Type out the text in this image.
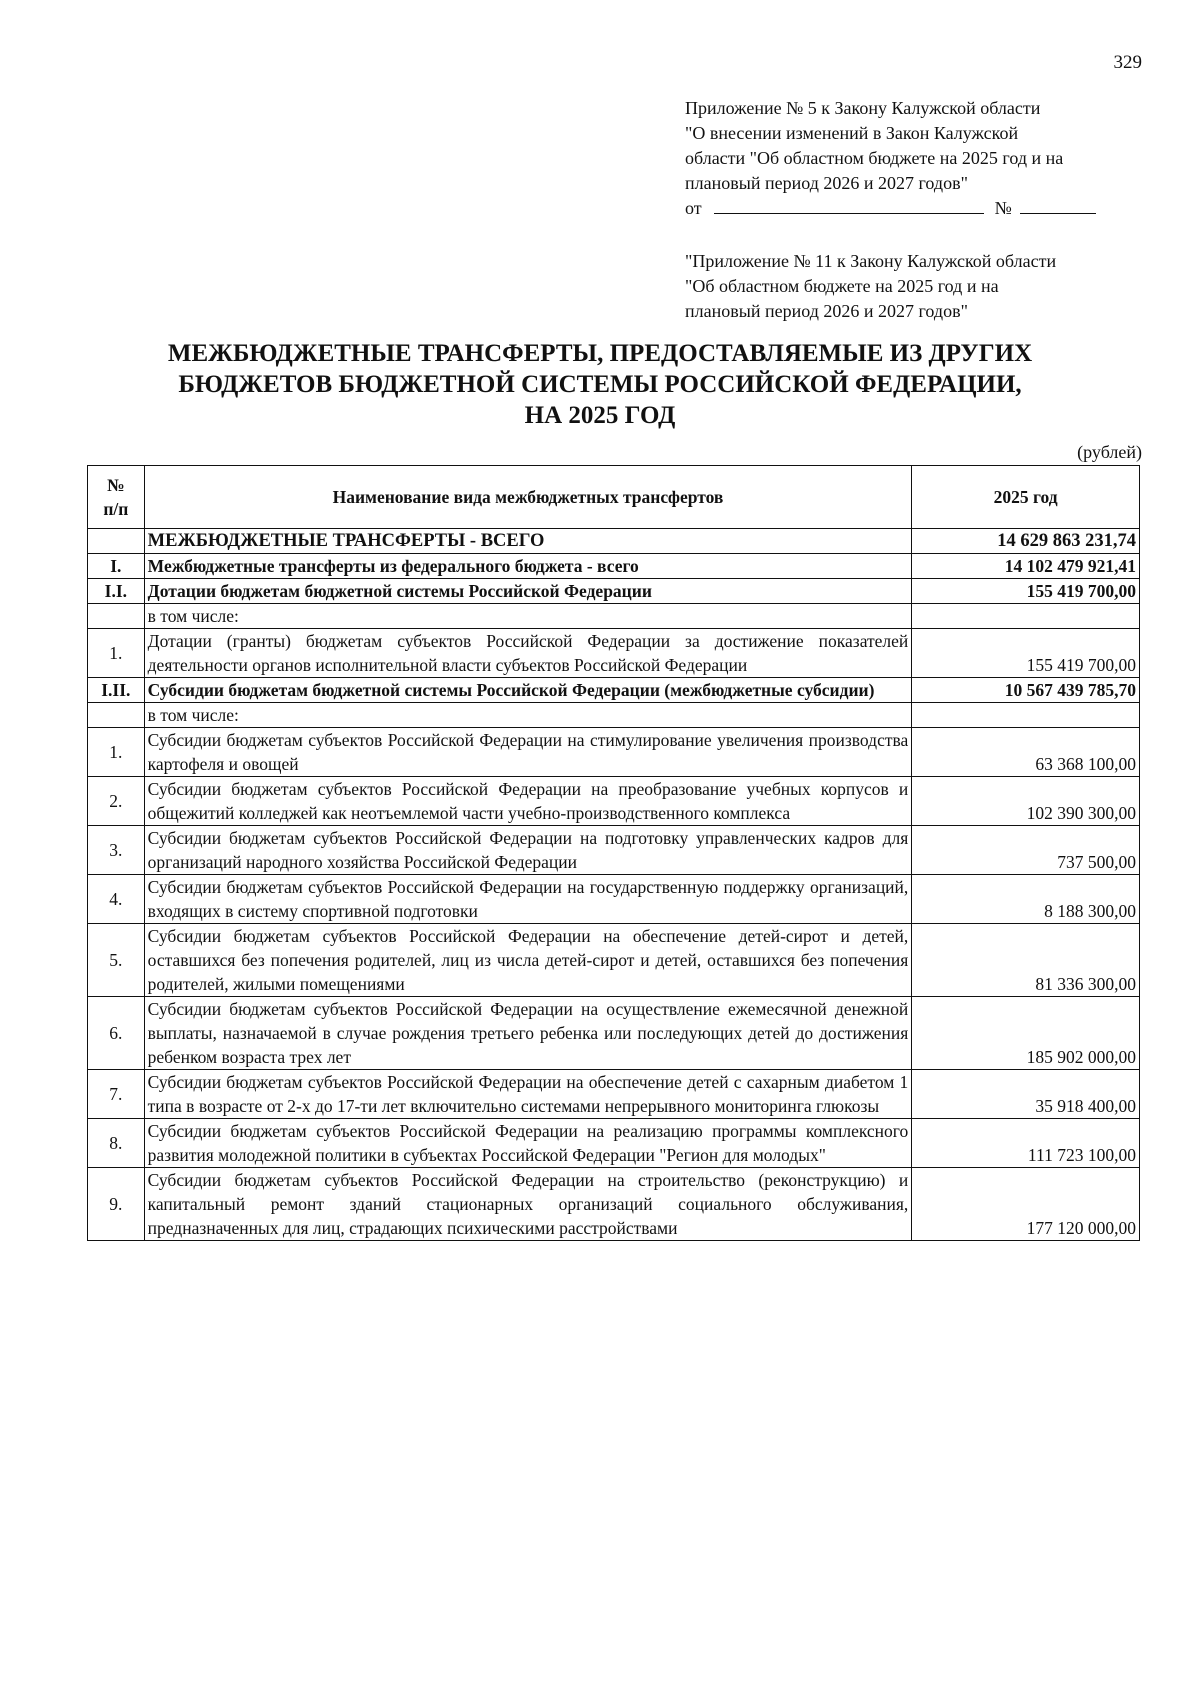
329
Приложение № 5 к Закону Калужской области
"О внесении изменений в Закон Калужской
области "Об областном бюджете на 2025 год и на
плановый период 2026 и 2027 годов"
от	№
"Приложение № 11 к Закону Калужской области
"Об областном бюджете на 2025 год и на
плановый период 2026 и 2027 годов"
МЕЖБЮДЖЕТНЫЕ ТРАНСФЕРТЫ, ПРЕДОСТАВЛЯЕМЫЕ ИЗ ДРУГИХ
БЮДЖЕТОВ БЮДЖЕТНОЙ СИСТЕМЫ РОССИЙСКОЙ ФЕДЕРАЦИИ,
НА 2025 ГОД
(рублей)
№
п/п	Наименование вида межбюджетных трансфертов	2025 год
	МЕЖБЮДЖЕТНЫЕ ТРАНСФЕРТЫ - ВСЕГО	14 629 863 231,74
I.	Межбюджетные трансферты из федерального бюджета - всего	14 102 479 921,41
I.I.	Дотации бюджетам бюджетной системы Российской Федерации	155 419 700,00
	в том числе:	
1.	Дотации (гранты) бюджетам субъектов Российской Федерации за достижение показателей деятельности органов исполнительной власти субъектов Российской Федерации	155 419 700,00
I.II.	Субсидии бюджетам бюджетной системы Российской Федерации (межбюджетные субсидии)	10 567 439 785,70
	в том числе:	
1.	Субсидии бюджетам субъектов Российской Федерации на стимулирование увеличения производства картофеля и овощей	63 368 100,00
2.	Субсидии бюджетам субъектов Российской Федерации на преобразование учебных корпусов и общежитий колледжей как неотъемлемой части учебно-производственного комплекса	102 390 300,00
3.	Субсидии бюджетам субъектов Российской Федерации на подготовку управленческих кадров для организаций народного хозяйства Российской Федерации	737 500,00
4.	Субсидии бюджетам субъектов Российской Федерации на государственную поддержку организаций, входящих в систему спортивной подготовки	8 188 300,00
5.	Субсидии бюджетам субъектов Российской Федерации на обеспечение детей-сирот и детей, оставшихся без попечения родителей, лиц из числа детей-сирот и детей, оставшихся без попечения родителей, жилыми помещениями	81 336 300,00
6.	Субсидии бюджетам субъектов Российской Федерации на осуществление ежемесячной денежной выплаты, назначаемой в случае рождения третьего ребенка или последующих детей до достижения ребенком возраста трех лет	185 902 000,00
7.	Субсидии бюджетам субъектов Российской Федерации на обеспечение детей с сахарным диабетом 1 типа в возрасте от 2-х до 17-ти лет включительно системами непрерывного мониторинга глюкозы	35 918 400,00
8.	Субсидии бюджетам субъектов Российской Федерации на реализацию программы комплексного развития молодежной политики в субъектах Российской Федерации "Регион для молодых"	111 723 100,00
9.	Субсидии бюджетам субъектов Российской Федерации на строительство (реконструкцию) и капитальный ремонт зданий стационарных организаций социального обслуживания, предназначенных для лиц, страдающих психическими расстройствами	177 120 000,00
